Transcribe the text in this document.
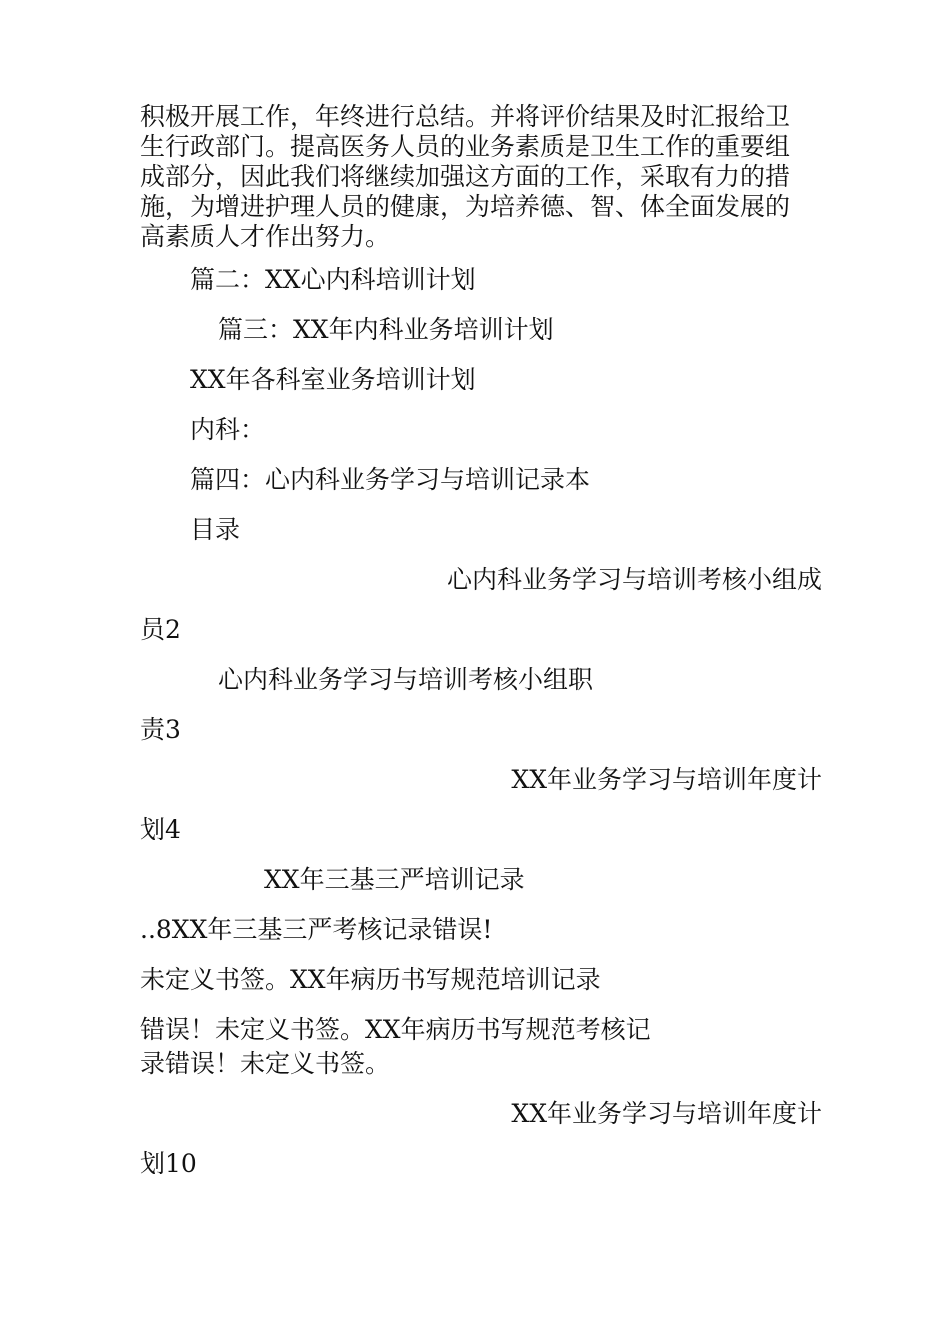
积极开展工作，年终进行总结。并将评价结果及时汇报给卫
生行政部门。提高医务人员的业务素质是卫生工作的重要组
成部分，因此我们将继续加强这方面的工作，采取有力的措
施，为增进护理人员的健康，为培养德、智、体全面发展的
高素质人才作出努力。
篇二：XX心内科培训计划
篇三：XX年内科业务培训计划
XX年各科室业务培训计划
内科：
篇四：心内科业务学习与培训记录本
目录
心内科业务学习与培训考核小组成
员2
心内科业务学习与培训考核小组职
责3
XX年业务学习与培训年度计
划4
XX年三基三严培训记录
..8XX年三基三严考核记录错误!
未定义书签。XX年病历书写规范培训记录
错误！未定义书签。XX年病历书写规范考核记
录错误！未定义书签。
XX年业务学习与培训年度计
划10
